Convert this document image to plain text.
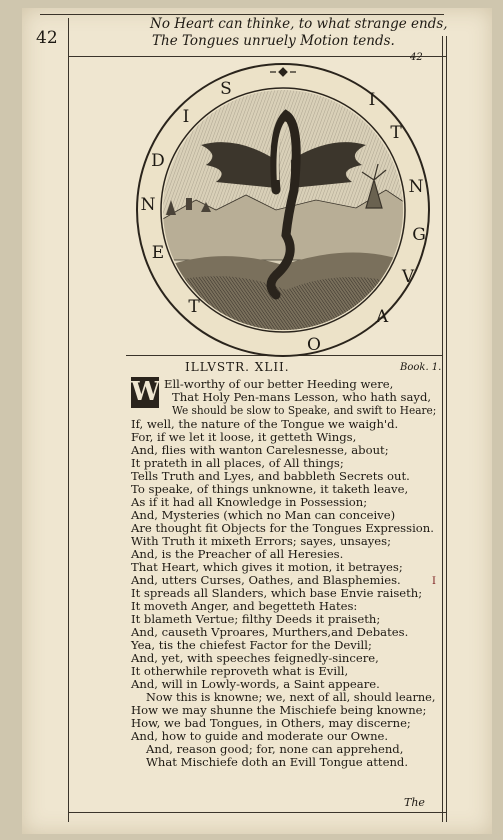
42
No Heart can thinke, to what strange ends,
The Tongues unruely Motion tends.
42
I
T
N
G
V
A
O
T
E
N
D
I
S
ILLVSTR. XLII.	Book. 1.
W Ell-worthy of our better Heeding were,
That Holy Pen-mans Lesson, who hath sayd,
We should be slow to Speake, and swift to Heare;
If, well, the nature of the Tongue we waigh'd.
For, if we let it loose, it getteth Wings,
And, flies with wanton Carelesnesse, about;
It prateth in all places, of All things;
Tells Truth and Lyes, and babbleth Secrets out.
To speake, of things unknowne, it taketh leave,
As if it had all Knowledge in Possession;
And, Mysteries (which no Man can conceive)
Are thought fit Objects for the Tongues Expression.
With Truth it mixeth Errors; sayes, unsayes;
And, is the Preacher of all Heresies.
That Heart, which gives it motion, it betrayes;
And, utters Curses, Oathes, and Blasphemies.
It spreads all Slanders, which base Envie raiseth;
It moveth Anger, and begetteth Hates:
It blameth Vertue; filthy Deeds it praiseth;
And, causeth Vproares, Murthers,and Debates.
Yea, tis the chiefest Factor for the Devill;
And, yet, with speeches feignedly-sincere,
It otherwhile reproveth what is Evill,
And, will in Lowly-words, a Saint appeare.
Now this is knowne; we, next of all, should learne,
How we may shunne the Mischiefe being knowne;
How, we bad Tongues, in Others, may discerne;
And, how to guide and moderate our Owne.
And, reason good; for, none can apprehend,
What Mischiefe doth an Evill Tongue attend.
I
The
